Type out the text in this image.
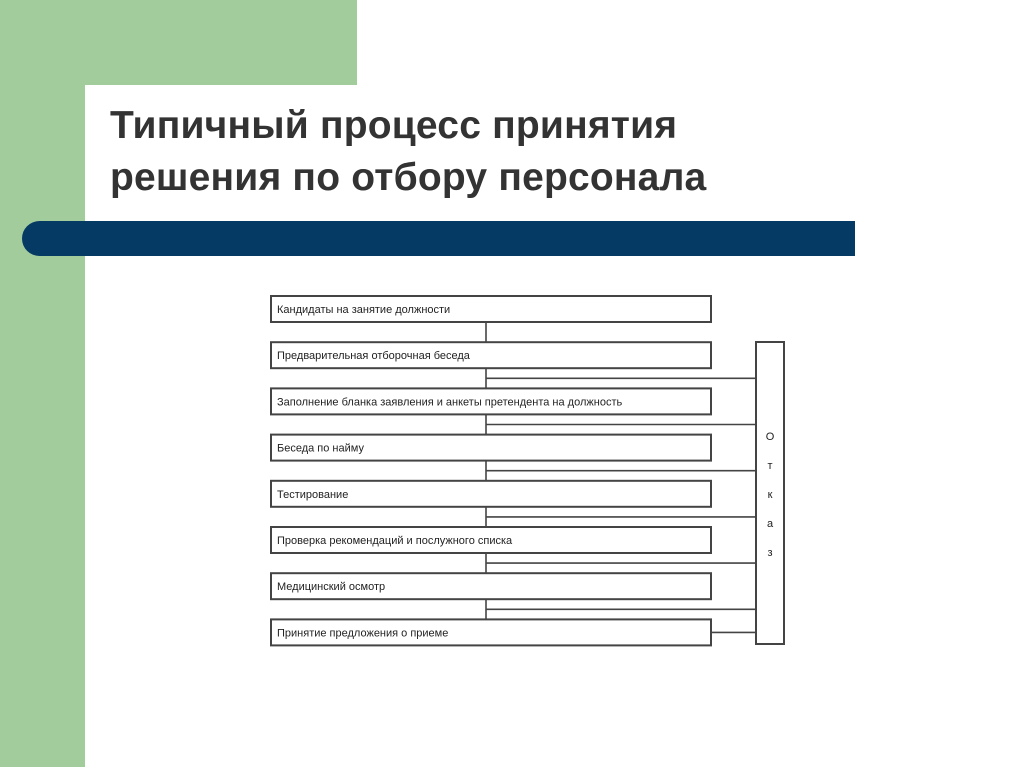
Типичный процесс принятия
решения по отбору персонала
Кандидаты на занятие должности
Предварительная отборочная беседа
Заполнение бланка заявления и анкеты претендента на должность
Беседа по найму
Тестирование
Проверка рекомендаций и послужного списка
Медицинский осмотр
Принятие предложения о приеме
О
т
к
а
з
